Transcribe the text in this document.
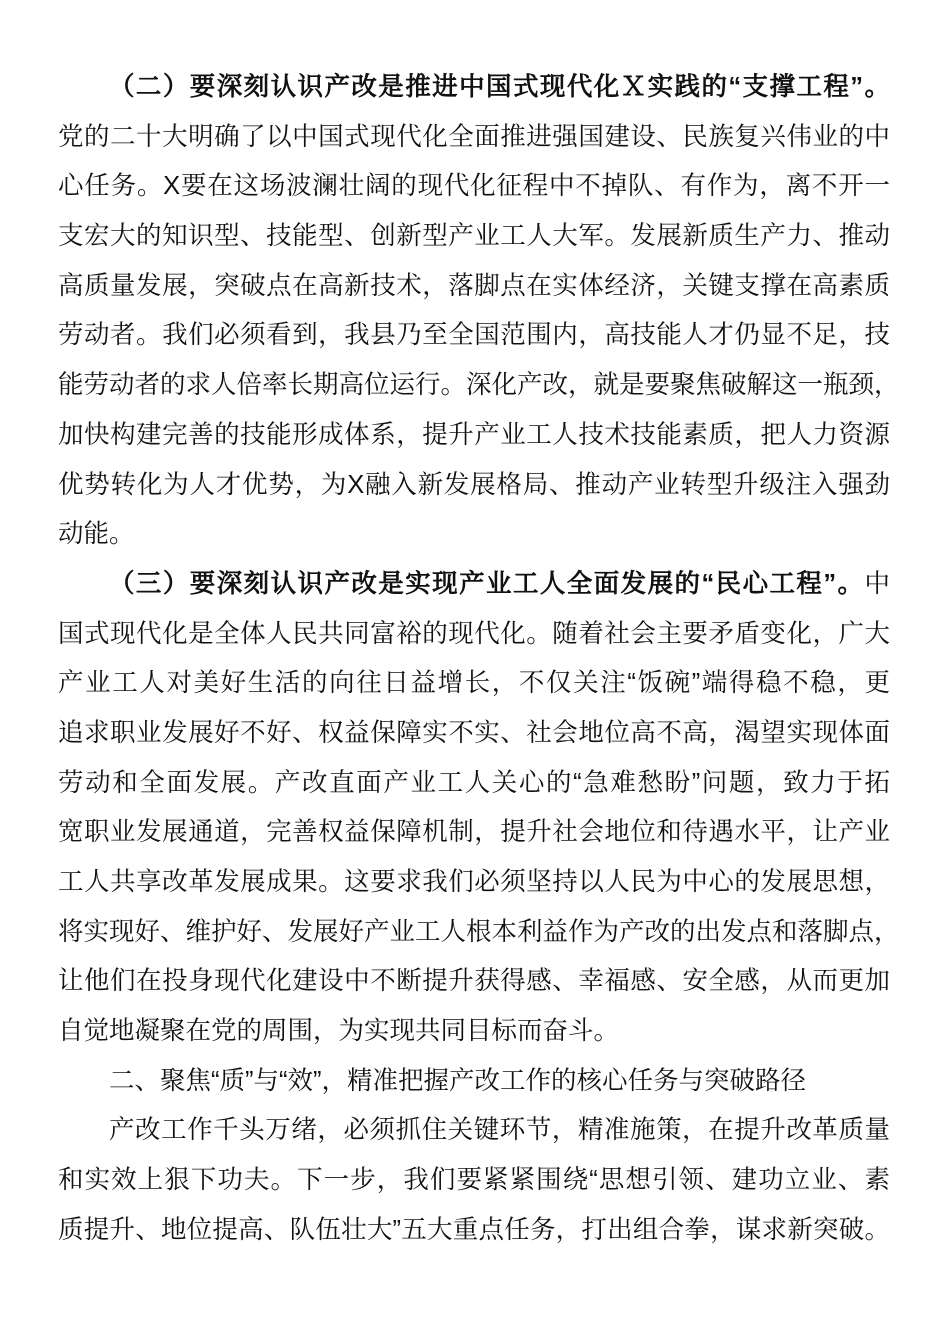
（二）要深刻认识产改是推进中国式现代化Ｘ实践的“支撑工程”。
党的二十大明确了以中国式现代化全面推进强国建设、民族复兴伟业的中
心任务。X要在这场波澜壮阔的现代化征程中不掉队、有作为，离不开一
支宏大的知识型、技能型、创新型产业工人大军。发展新质生产力、推动
高质量发展，突破点在高新技术，落脚点在实体经济，关键支撑在高素质
劳动者。我们必须看到，我县乃至全国范围内，高技能人才仍显不足，技
能劳动者的求人倍率长期高位运行。深化产改，就是要聚焦破解这一瓶颈，
加快构建完善的技能形成体系，提升产业工人技术技能素质，把人力资源
优势转化为人才优势，为X融入新发展格局、推动产业转型升级注入强劲
动能。
（三）要深刻认识产改是实现产业工人全面发展的“民心工程”。中
国式现代化是全体人民共同富裕的现代化。随着社会主要矛盾变化，广大
产业工人对美好生活的向往日益增长，不仅关注“饭碗”端得稳不稳，更
追求职业发展好不好、权益保障实不实、社会地位高不高，渴望实现体面
劳动和全面发展。产改直面产业工人关心的“急难愁盼”问题，致力于拓
宽职业发展通道，完善权益保障机制，提升社会地位和待遇水平，让产业
工人共享改革发展成果。这要求我们必须坚持以人民为中心的发展思想，
将实现好、维护好、发展好产业工人根本利益作为产改的出发点和落脚点，
让他们在投身现代化建设中不断提升获得感、幸福感、安全感，从而更加
自觉地凝聚在党的周围，为实现共同目标而奋斗。
二、聚焦“质”与“效”，精准把握产改工作的核心任务与突破路径
产改工作千头万绪，必须抓住关键环节，精准施策，在提升改革质量
和实效上狠下功夫。下一步，我们要紧紧围绕“思想引领、建功立业、素
质提升、地位提高、队伍壮大”五大重点任务，打出组合拳，谋求新突破。
